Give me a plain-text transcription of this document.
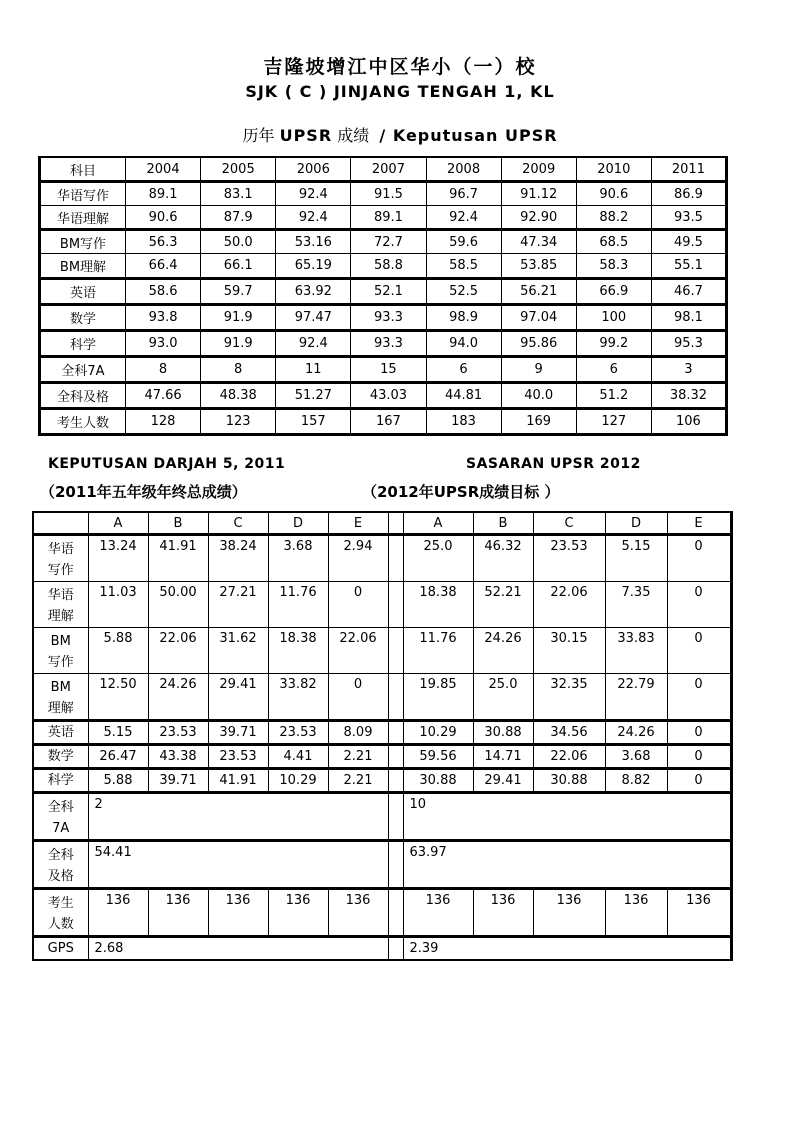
吉隆坡增江中区华小（一）校
SJK ( C ) JINJANG TENGAH 1, KL
历年 UPSR 成绩 / Keputusan UPSR
科目	2004	2005	2006	2007	2008	2009	2010	2011
华语写作	89.1	83.1	92.4	91.5	96.7	91.12	90.6	86.9
华语理解	90.6	87.9	92.4	89.1	92.4	92.90	88.2	93.5
BM写作	56.3	50.0	53.16	72.7	59.6	47.34	68.5	49.5
BM理解	66.4	66.1	65.19	58.8	58.5	53.85	58.3	55.1
英语	58.6	59.7	63.92	52.1	52.5	56.21	66.9	46.7
数学	93.8	91.9	97.47	93.3	98.9	97.04	100	98.1
科学	93.0	91.9	92.4	93.3	94.0	95.86	99.2	95.3
全科7A	8	8	11	15	6	9	6	3
全科及格	47.66	48.38	51.27	43.03	44.81	40.0	51.2	38.32
考生人数	128	123	157	167	183	169	127	106
KEPUTUSAN DARJAH 5, 2011	SASARAN UPSR 2012
（2011年五年级年终总成绩）	（2012年UPSR成绩目标 ）
	A	B	C	D	E		A	B	C	D	E
华语
写作	13.24	41.91	38.24	3.68	2.94		25.0	46.32	23.53	5.15	0
华语
理解	11.03	50.00	27.21	11.76	0		18.38	52.21	22.06	7.35	0
BM
写作	5.88	22.06	31.62	18.38	22.06		11.76	24.26	30.15	33.83	0
BM
理解	12.50	24.26	29.41	33.82	0		19.85	25.0	32.35	22.79	0
英语	5.15	23.53	39.71	23.53	8.09		10.29	30.88	34.56	24.26	0
数学	26.47	43.38	23.53	4.41	2.21		59.56	14.71	22.06	3.68	0
科学	5.88	39.71	41.91	10.29	2.21		30.88	29.41	30.88	8.82	0
全科
7A	2						10				
全科
及格	54.41						63.97				
考生
人数	136	136	136	136	136		136	136	136	136	136
GPS	2.68						2.39				
